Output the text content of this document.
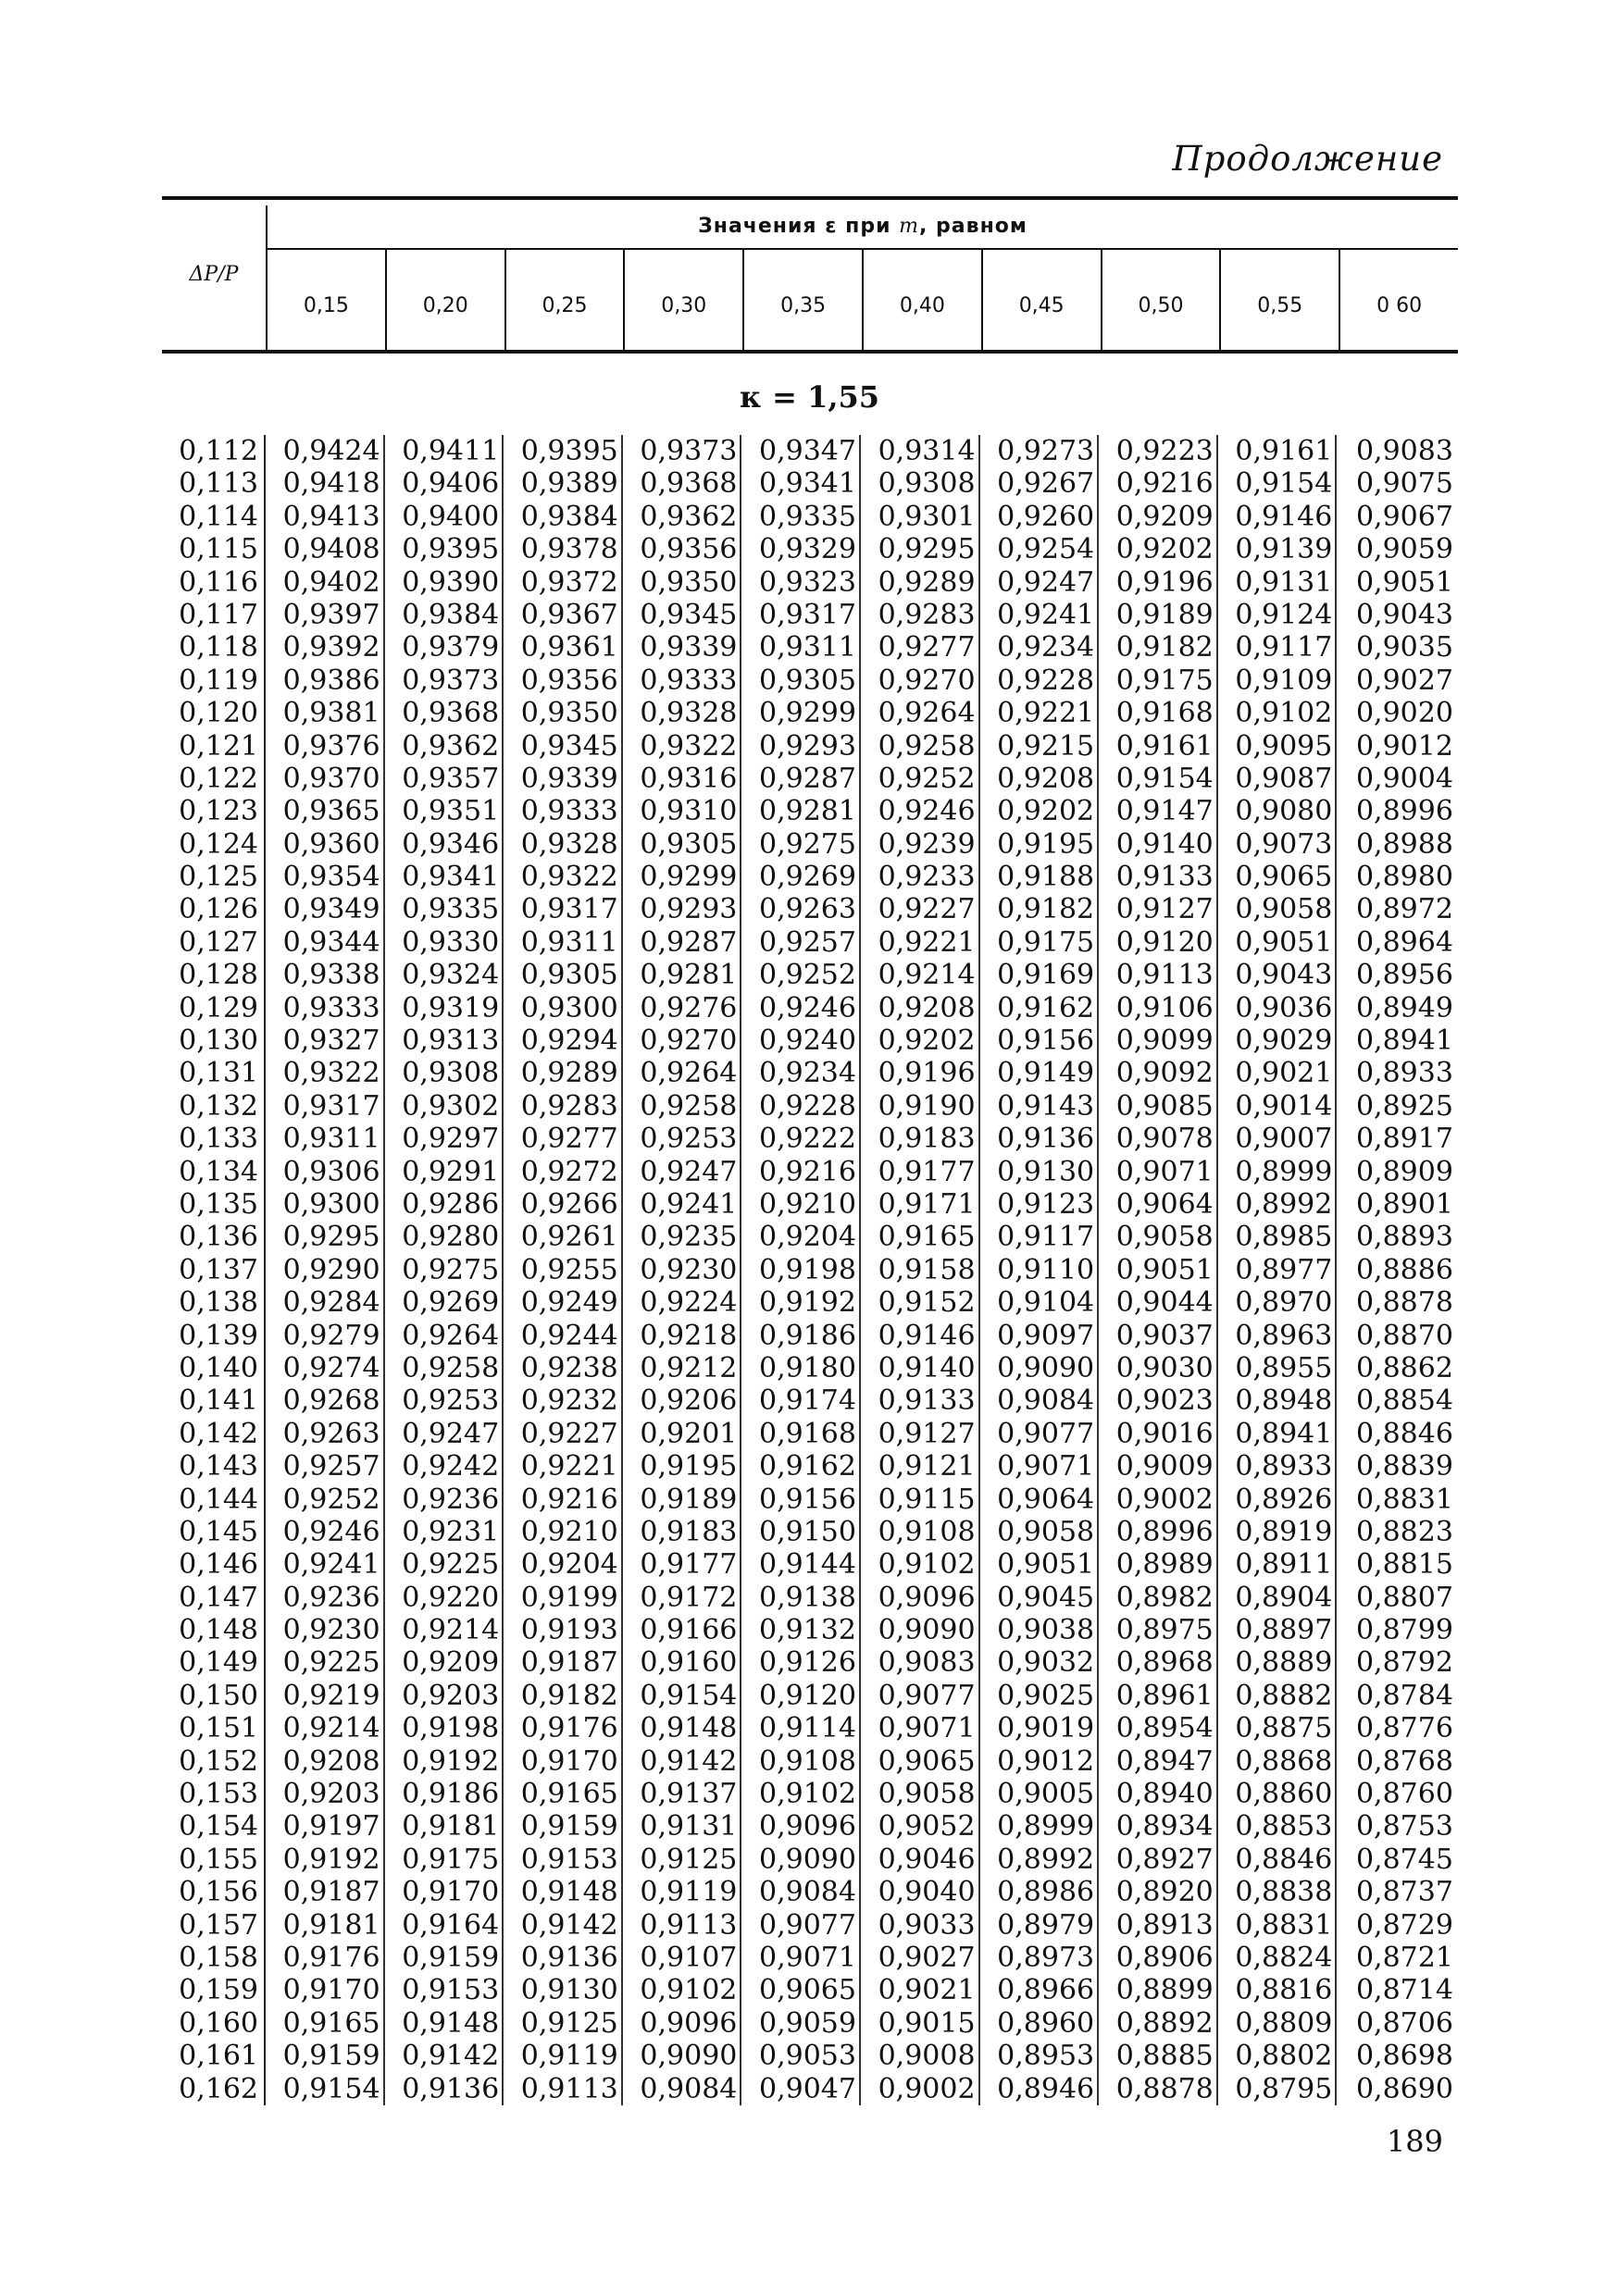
Продолжение
ΔP/P
Значения ε при m, равном
0,15	0,20	0,25	0,30	0,35	0,40	0,45	0,50	0,55	0 60
κ = 1,55
0,112 0,9424 0,9411 0,9395 0,9373 0,9347 0,9314 0,9273 0,9223 0,9161 0,9083
0,113 0,9418 0,9406 0,9389 0,9368 0,9341 0,9308 0,9267 0,9216 0,9154 0,9075
0,114 0,9413 0,9400 0,9384 0,9362 0,9335 0,9301 0,9260 0,9209 0,9146 0,9067
0,115 0,9408 0,9395 0,9378 0,9356 0,9329 0,9295 0,9254 0,9202 0,9139 0,9059
0,116 0,9402 0,9390 0,9372 0,9350 0,9323 0,9289 0,9247 0,9196 0,9131 0,9051
0,117 0,9397 0,9384 0,9367 0,9345 0,9317 0,9283 0,9241 0,9189 0,9124 0,9043
0,118 0,9392 0,9379 0,9361 0,9339 0,9311 0,9277 0,9234 0,9182 0,9117 0,9035
0,119 0,9386 0,9373 0,9356 0,9333 0,9305 0,9270 0,9228 0,9175 0,9109 0,9027
0,120 0,9381 0,9368 0,9350 0,9328 0,9299 0,9264 0,9221 0,9168 0,9102 0,9020
0,121 0,9376 0,9362 0,9345 0,9322 0,9293 0,9258 0,9215 0,9161 0,9095 0,9012
0,122 0,9370 0,9357 0,9339 0,9316 0,9287 0,9252 0,9208 0,9154 0,9087 0,9004
0,123 0,9365 0,9351 0,9333 0,9310 0,9281 0,9246 0,9202 0,9147 0,9080 0,8996
0,124 0,9360 0,9346 0,9328 0,9305 0,9275 0,9239 0,9195 0,9140 0,9073 0,8988
0,125 0,9354 0,9341 0,9322 0,9299 0,9269 0,9233 0,9188 0,9133 0,9065 0,8980
0,126 0,9349 0,9335 0,9317 0,9293 0,9263 0,9227 0,9182 0,9127 0,9058 0,8972
0,127 0,9344 0,9330 0,9311 0,9287 0,9257 0,9221 0,9175 0,9120 0,9051 0,8964
0,128 0,9338 0,9324 0,9305 0,9281 0,9252 0,9214 0,9169 0,9113 0,9043 0,8956
0,129 0,9333 0,9319 0,9300 0,9276 0,9246 0,9208 0,9162 0,9106 0,9036 0,8949
0,130 0,9327 0,9313 0,9294 0,9270 0,9240 0,9202 0,9156 0,9099 0,9029 0,8941
0,131 0,9322 0,9308 0,9289 0,9264 0,9234 0,9196 0,9149 0,9092 0,9021 0,8933
0,132 0,9317 0,9302 0,9283 0,9258 0,9228 0,9190 0,9143 0,9085 0,9014 0,8925
0,133 0,9311 0,9297 0,9277 0,9253 0,9222 0,9183 0,9136 0,9078 0,9007 0,8917
0,134 0,9306 0,9291 0,9272 0,9247 0,9216 0,9177 0,9130 0,9071 0,8999 0,8909
0,135 0,9300 0,9286 0,9266 0,9241 0,9210 0,9171 0,9123 0,9064 0,8992 0,8901
0,136 0,9295 0,9280 0,9261 0,9235 0,9204 0,9165 0,9117 0,9058 0,8985 0,8893
0,137 0,9290 0,9275 0,9255 0,9230 0,9198 0,9158 0,9110 0,9051 0,8977 0,8886
0,138 0,9284 0,9269 0,9249 0,9224 0,9192 0,9152 0,9104 0,9044 0,8970 0,8878
0,139 0,9279 0,9264 0,9244 0,9218 0,9186 0,9146 0,9097 0,9037 0,8963 0,8870
0,140 0,9274 0,9258 0,9238 0,9212 0,9180 0,9140 0,9090 0,9030 0,8955 0,8862
0,141 0,9268 0,9253 0,9232 0,9206 0,9174 0,9133 0,9084 0,9023 0,8948 0,8854
0,142 0,9263 0,9247 0,9227 0,9201 0,9168 0,9127 0,9077 0,9016 0,8941 0,8846
0,143 0,9257 0,9242 0,9221 0,9195 0,9162 0,9121 0,9071 0,9009 0,8933 0,8839
0,144 0,9252 0,9236 0,9216 0,9189 0,9156 0,9115 0,9064 0,9002 0,8926 0,8831
0,145 0,9246 0,9231 0,9210 0,9183 0,9150 0,9108 0,9058 0,8996 0,8919 0,8823
0,146 0,9241 0,9225 0,9204 0,9177 0,9144 0,9102 0,9051 0,8989 0,8911 0,8815
0,147 0,9236 0,9220 0,9199 0,9172 0,9138 0,9096 0,9045 0,8982 0,8904 0,8807
0,148 0,9230 0,9214 0,9193 0,9166 0,9132 0,9090 0,9038 0,8975 0,8897 0,8799
0,149 0,9225 0,9209 0,9187 0,9160 0,9126 0,9083 0,9032 0,8968 0,8889 0,8792
0,150 0,9219 0,9203 0,9182 0,9154 0,9120 0,9077 0,9025 0,8961 0,8882 0,8784
0,151 0,9214 0,9198 0,9176 0,9148 0,9114 0,9071 0,9019 0,8954 0,8875 0,8776
0,152 0,9208 0,9192 0,9170 0,9142 0,9108 0,9065 0,9012 0,8947 0,8868 0,8768
0,153 0,9203 0,9186 0,9165 0,9137 0,9102 0,9058 0,9005 0,8940 0,8860 0,8760
0,154 0,9197 0,9181 0,9159 0,9131 0,9096 0,9052 0,8999 0,8934 0,8853 0,8753
0,155 0,9192 0,9175 0,9153 0,9125 0,9090 0,9046 0,8992 0,8927 0,8846 0,8745
0,156 0,9187 0,9170 0,9148 0,9119 0,9084 0,9040 0,8986 0,8920 0,8838 0,8737
0,157 0,9181 0,9164 0,9142 0,9113 0,9077 0,9033 0,8979 0,8913 0,8831 0,8729
0,158 0,9176 0,9159 0,9136 0,9107 0,9071 0,9027 0,8973 0,8906 0,8824 0,8721
0,159 0,9170 0,9153 0,9130 0,9102 0,9065 0,9021 0,8966 0,8899 0,8816 0,8714
0,160 0,9165 0,9148 0,9125 0,9096 0,9059 0,9015 0,8960 0,8892 0,8809 0,8706
0,161 0,9159 0,9142 0,9119 0,9090 0,9053 0,9008 0,8953 0,8885 0,8802 0,8698
0,162 0,9154 0,9136 0,9113 0,9084 0,9047 0,9002 0,8946 0,8878 0,8795 0,8690
189
